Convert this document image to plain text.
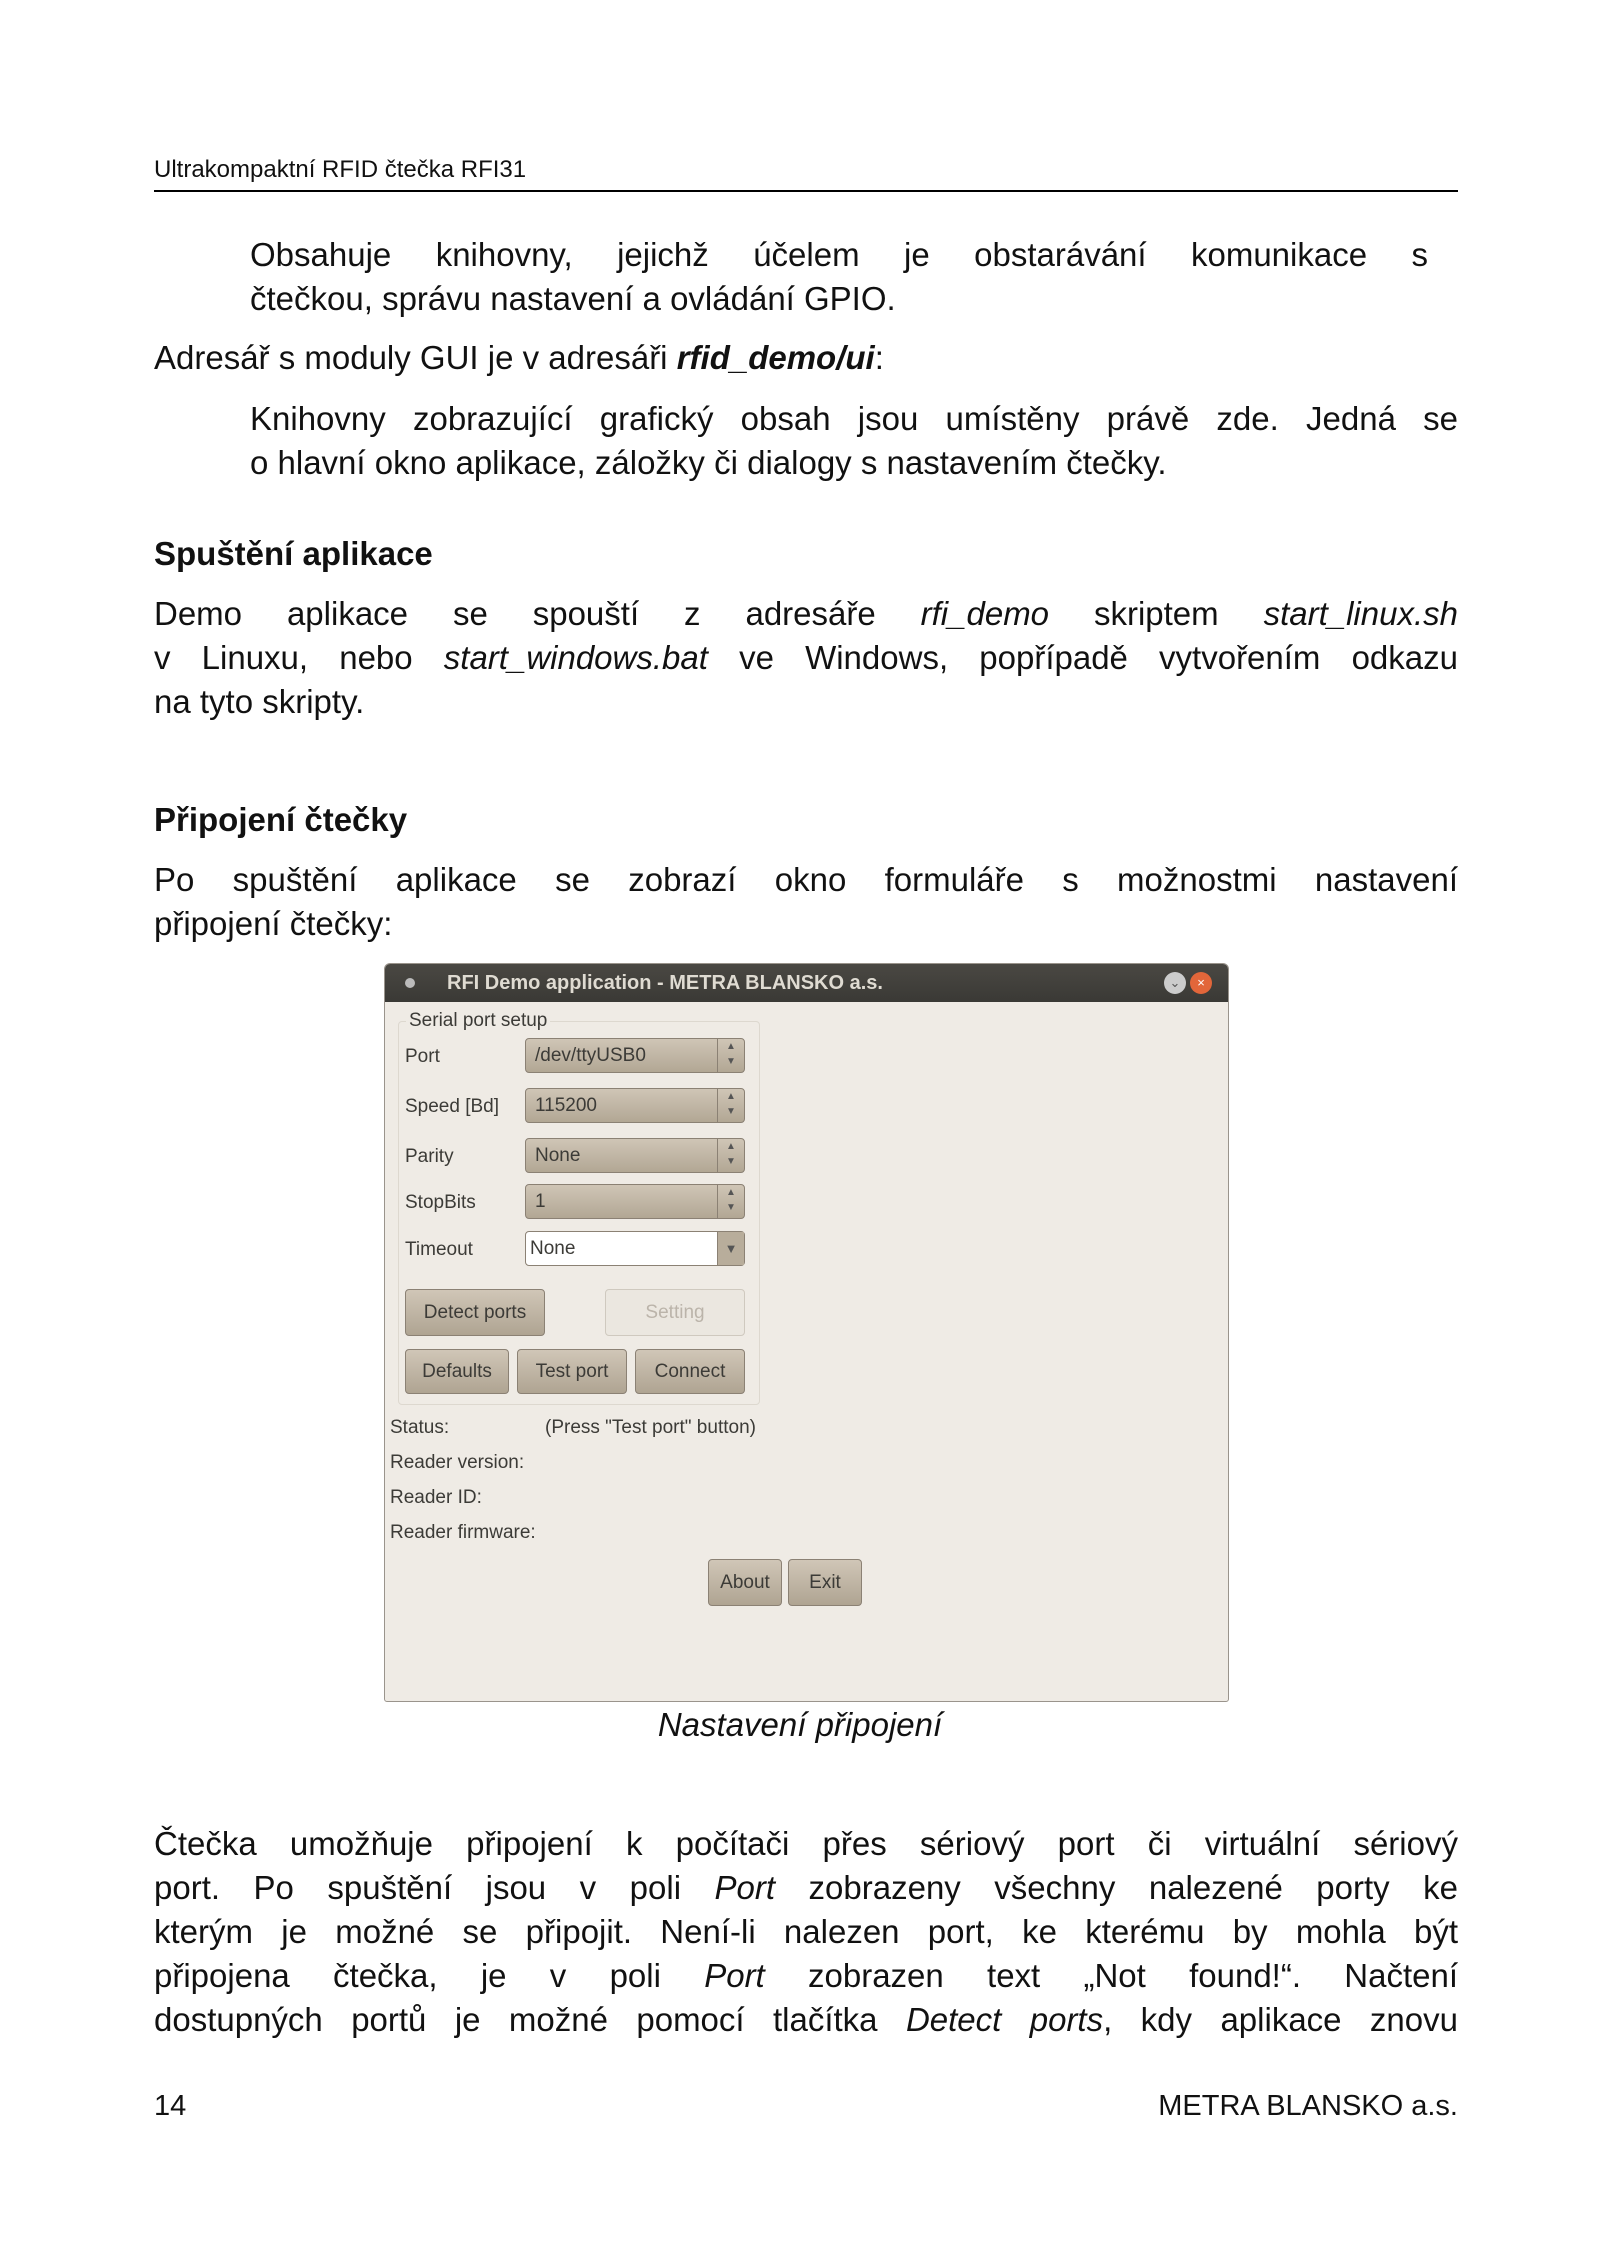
Ultrakompaktní RFID čtečka RFI31
Obsahuje knihovny, jejichž účelem je obstarávání komunikace s
čtečkou, správu nastavení a ovládání GPIO.
Adresář s moduly GUI je v adresáři rfid_demo/ui:
Knihovny zobrazující grafický obsah jsou umístěny právě zde. Jedná se
o hlavní okno aplikace, záložky či dialogy s nastavením čtečky.
Demo aplikace se spouští z adresáře rfi_demo skriptem start_linux.sh
v Linuxu, nebo start_windows.bat ve Windows, popřípadě vytvořením odkazu
na tyto skripty.
Po spuštění aplikace se zobrazí okno formuláře s možnostmi nastavení
připojení čtečky:
Čtečka umožňuje připojení k počítači přes sériový port či virtuální sériový
port. Po spuštění jsou v poli Port zobrazeny všechny nalezené porty ke
kterým je možné se připojit. Není-li nalezen port, ke kterému by mohla být
připojena čtečka, je v poli Port zobrazen text „Not found!“. Načtení
dostupných portů je možné pomocí tlačítka Detect ports, kdy aplikace znovu
Spuštění aplikace
Připojení čtečky
RFI Demo application - METRA BLANSKO a.s.	⌄	×
Serial port setup
Port	/dev/ttyUSB0	▲
▼
Speed [Bd] 115200	▲
▼
Parity	None	▲
▼
StopBits	1	▲
▼
Timeout	None	▼
Detect ports	Setting
Defaults	Test port	Connect
Status:	(Press "Test port" button)
Reader version:
Reader ID:
Reader firmware:
About	Exit
Nastavení připojení
14	METRA BLANSKO a.s.
